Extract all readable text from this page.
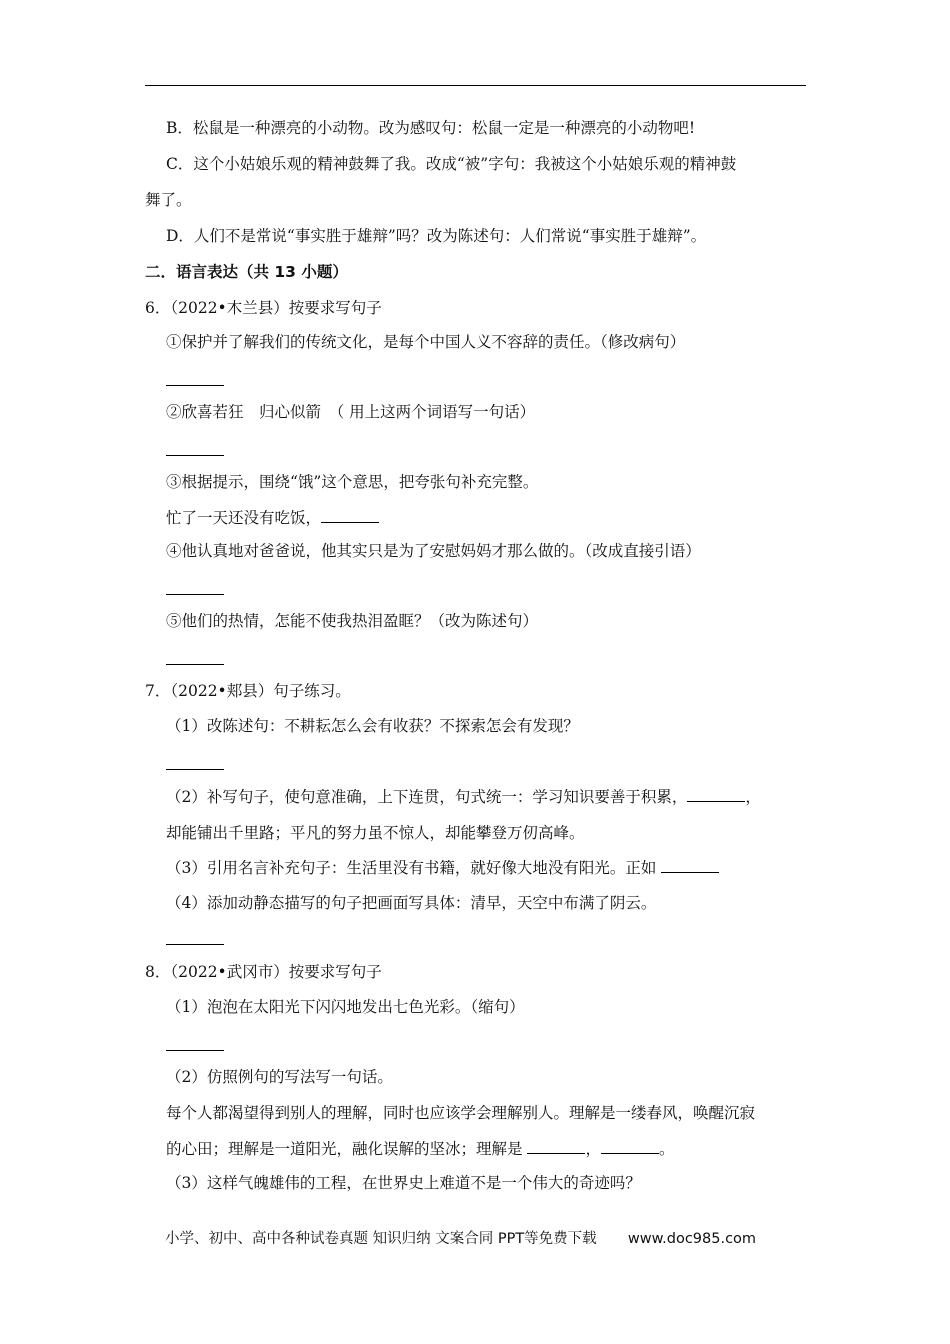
B．松鼠是一种漂亮的小动物。改为感叹句：松鼠一定是一种漂亮的小动物吧!
C．这个小姑娘乐观的精神鼓舞了我。改成“被”字句：我被这个小姑娘乐观的精神鼓
舞了。
D．人们不是常说“事实胜于雄辩”吗？改为陈述句：人们常说“事实胜于雄辩”。
二．语言表达（共 13 小题）
6．（2022•木兰县）按要求写句子
①保护并了解我们的传统文化，是每个中国人义不容辞的责任。（修改病句）
②欣喜若狂　归心似箭　（ 用上这两个词语写一句话）
③根据提示，围绕“饿”这个意思，把夸张句补充完整。
忙了一天还没有吃饭，
④他认真地对爸爸说，他其实只是为了安慰妈妈才那么做的。（改成直接引语）
⑤他们的热情，怎能不使我热泪盈眶？（改为陈述句）
7．（2022•郏县）句子练习。
（1）改陈述句：不耕耘怎么会有收获？不探索怎会有发现？
（2）补写句子，使句意准确，上下连贯，句式统一：学习知识要善于积累，	，
却能铺出千里路；平凡的努力虽不惊人，却能攀登万仞高峰。
（3）引用名言补充句子：生活里没有书籍，就好像大地没有阳光。正如
（4）添加动静态描写的句子把画面写具体：清早，天空中布满了阴云。
8．（2022•武冈市）按要求写句子
（1）泡泡在太阳光下闪闪地发出七色光彩。（缩句）
（2）仿照例句的写法写一句话。
每个人都渴望得到别人的理解，同时也应该学会理解别人。理解是一缕春风，唤醒沉寂
的心田；理解是一道阳光，融化误解的坚冰；理解是	，	。
（3）这样气魄雄伟的工程，在世界史上难道不是一个伟大的奇迹吗？
小学、初中、高中各种试卷真题 知识归纳 文案合同 PPT等免费下载 www.doc985.com
